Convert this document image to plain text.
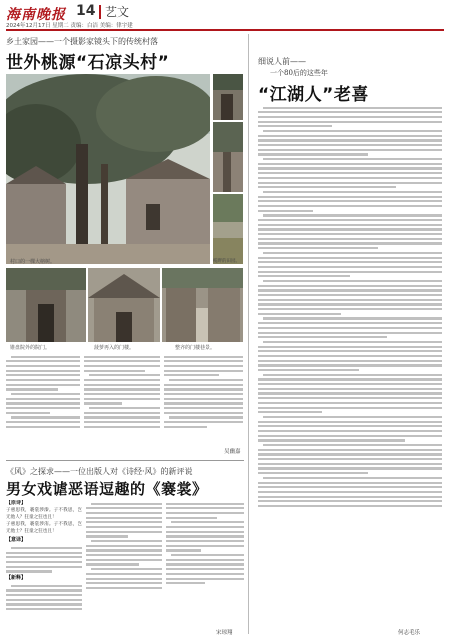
海南晚报 14 艺文
2024年12月17日 星期二 责编：白洁 美编：律宇建
乡土家园——一个摄影家镜头下的传统村落
世外桃源“石凉头村”
村口的一棵大榕树。	榄畔的田园。
锥盘院外的院门。	菠萝再入的门楼。	整齐的门楼巷景。
吴幽嘉
细说人前——
一个80后的这些年
“江湖人”老喜
何志毛乐
《风》之探求——一位出版人对《诗经·风》的新评说
男女戏谑恶语逗趣的《褰裳》
【原诗】
子惠思我，褰裳涉溱。子不我思，岂无他人？狂童之狂也且！
子惠思我，褰裳涉洧。子不我思，岂无他士？狂童之狂也且！
【意译】
【新释】
宋琼翔
